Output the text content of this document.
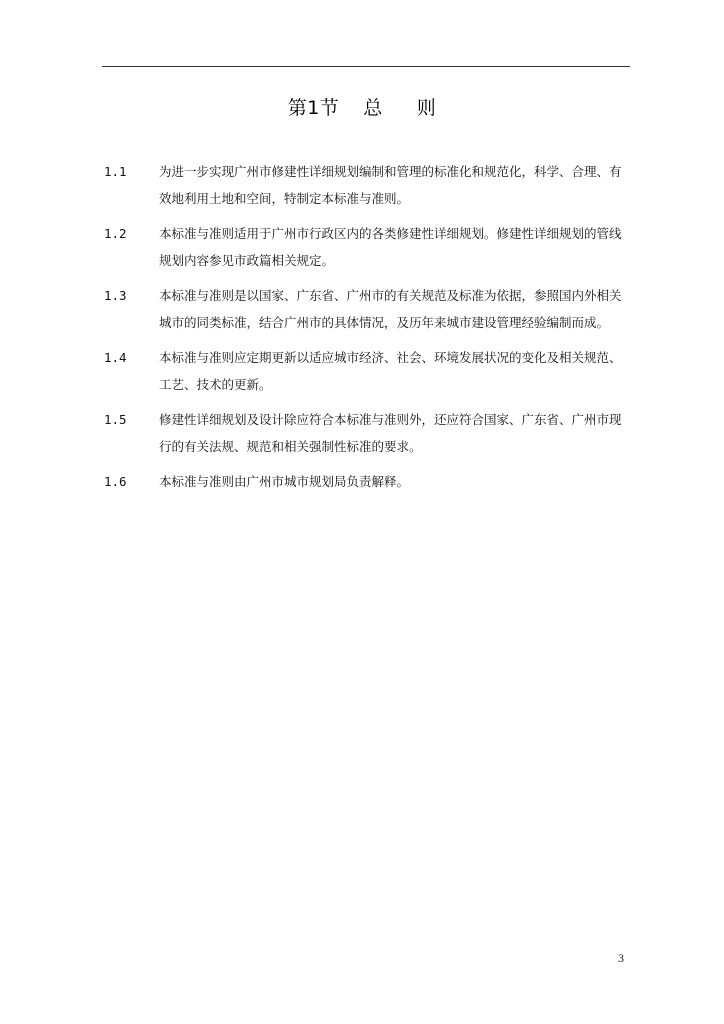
第1节 总 则
1.1	为进一步实现广州市修建性详细规划编制和管理的标准化和规范化，科学、合理、有
效地利用土地和空间，特制定本标准与准则。
1.2	本标准与准则适用于广州市行政区内的各类修建性详细规划。修建性详细规划的管线
规划内容参见市政篇相关规定。
1.3	本标准与准则是以国家、广东省、广州市的有关规范及标准为依据，参照国内外相关
城市的同类标准，结合广州市的具体情况，及历年来城市建设管理经验编制而成。
1.4	本标准与准则应定期更新以适应城市经济、社会、环境发展状况的变化及相关规范、
工艺、技术的更新。
1.5	修建性详细规划及设计除应符合本标准与准则外，还应符合国家、广东省、广州市现
行的有关法规、规范和相关强制性标准的要求。
1.6	本标准与准则由广州市城市规划局负责解释。
3
